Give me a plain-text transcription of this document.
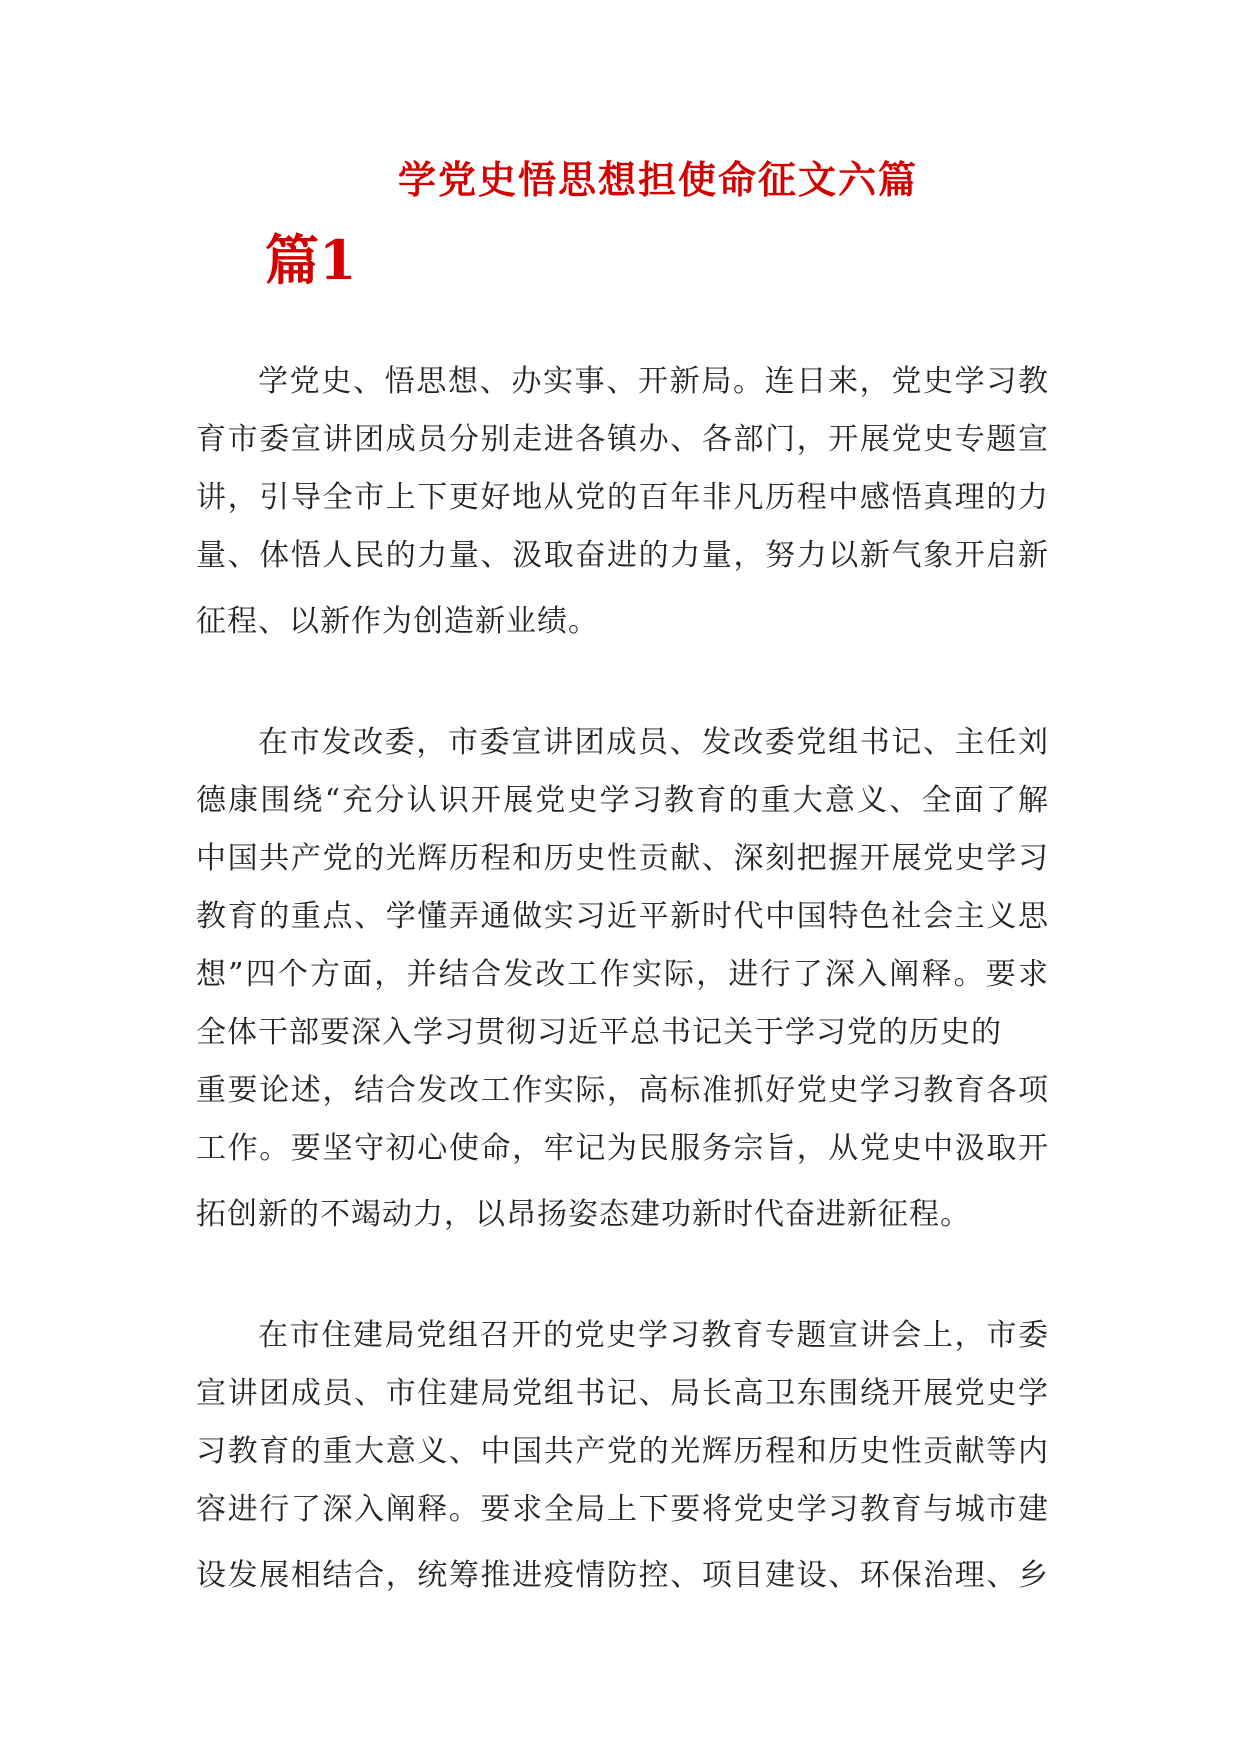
学党史悟思想担使命征文六篇
篇1
学党史、悟思想、办实事、开新局。连日来，党史学习教
育市委宣讲团成员分别走进各镇办、各部门，开展党史专题宣
讲，引导全市上下更好地从党的百年非凡历程中感悟真理的力
量、体悟人民的力量、汲取奋进的力量，努力以新气象开启新
征程、以新作为创造新业绩。
在市发改委，市委宣讲团成员、发改委党组书记、主任刘
德康围绕“充分认识开展党史学习教育的重大意义、全面了解
中国共产党的光辉历程和历史性贡献、深刻把握开展党史学习
教育的重点、学懂弄通做实习近平新时代中国特色社会主义思
想”四个方面，并结合发改工作实际，进行了深入阐释。要求
全体干部要深入学习贯彻习近平总书记关于学习党的历史的
重要论述，结合发改工作实际，高标准抓好党史学习教育各项
工作。要坚守初心使命，牢记为民服务宗旨，从党史中汲取开
拓创新的不竭动力，以昂扬姿态建功新时代奋进新征程。
在市住建局党组召开的党史学习教育专题宣讲会上，市委
宣讲团成员、市住建局党组书记、局长高卫东围绕开展党史学
习教育的重大意义、中国共产党的光辉历程和历史性贡献等内
容进行了深入阐释。要求全局上下要将党史学习教育与城市建
设发展相结合，统筹推进疫情防控、项目建设、环保治理、乡
